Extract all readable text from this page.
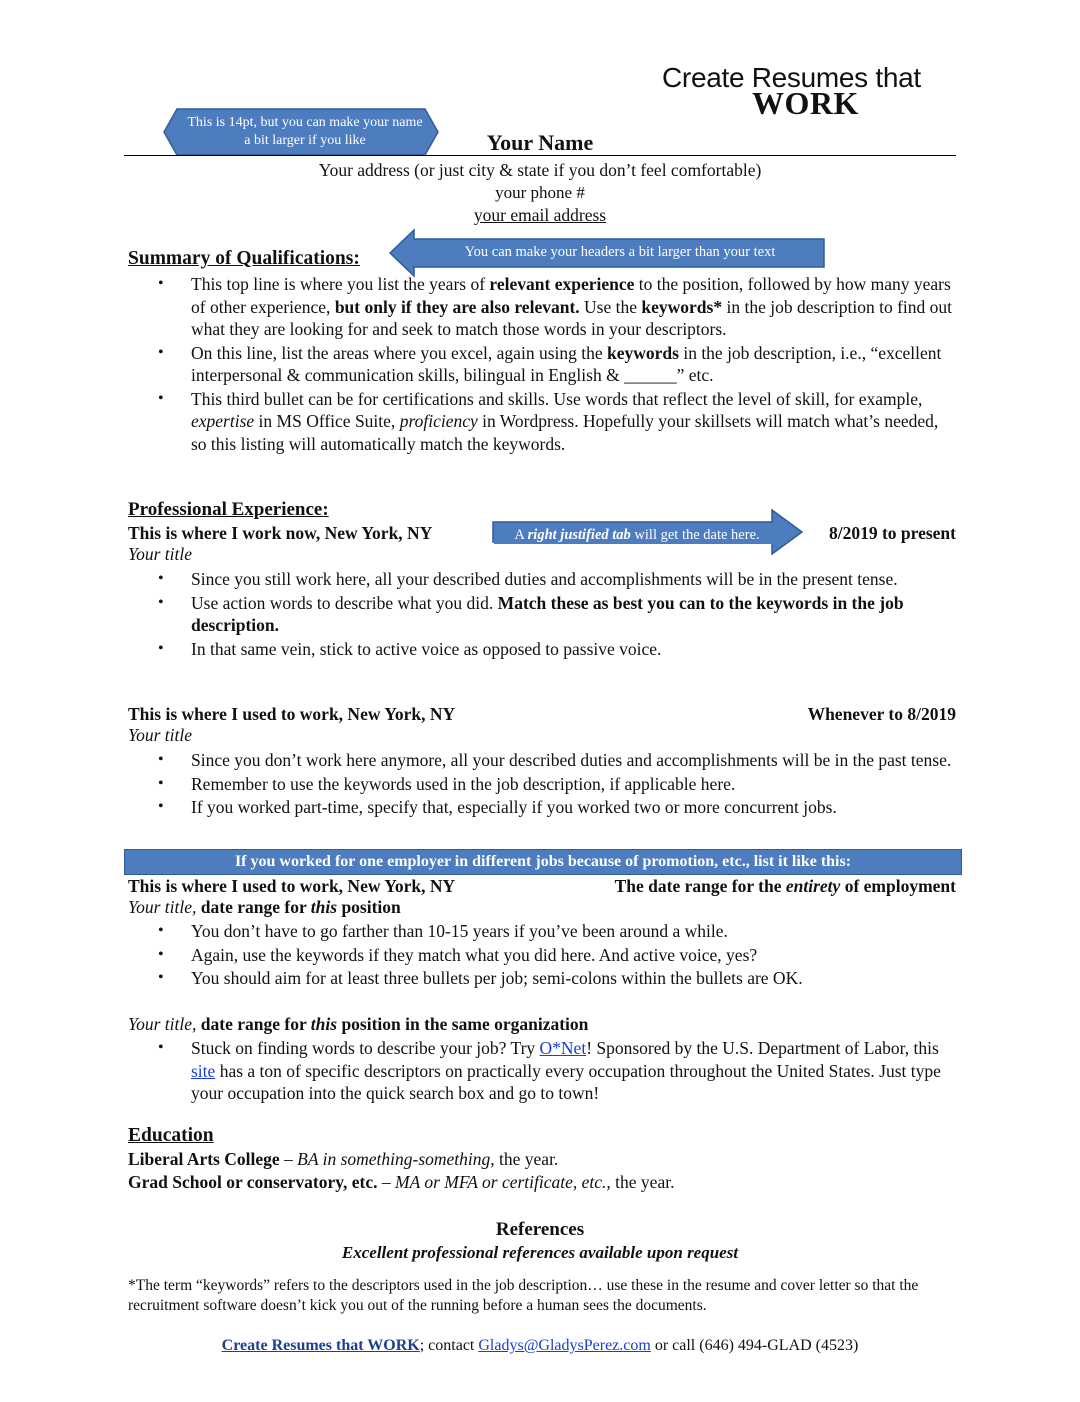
Create Resumes that
WORK
This is 14pt, but you can make your name a bit larger if you like	Your Name
Your address (or just city & state if you don’t feel comfortable)
your phone #
your email address
Summary of Qualifications:	You can make your headers a bit larger than your text
• This top line is where you list the years of relevant experience to the position, followed by how many years of other experience, but only if they are also relevant. Use the keywords* in the job description to find out what they are looking for and seek to match those words in your descriptors.
• On this line, list the areas where you excel, again using the keywords in the job description, i.e., “excellent interpersonal & communication skills, bilingual in English & ______” etc.
• This third bullet can be for certifications and skills. Use words that reflect the level of skill, for example, expertise in MS Office Suite, proficiency in Wordpress. Hopefully your skillsets will match what’s needed, so this listing will automatically match the keywords.
Professional Experience:
This is where I work now, New York, NY	8/2019 to present
A right justified tab will get the date here.
Your title
• Since you still work here, all your described duties and accomplishments will be in the present tense.
• Use action words to describe what you did. Match these as best you can to the keywords in the job description.
• In that same vein, stick to active voice as opposed to passive voice.
This is where I used to work, New York, NY	Whenever to 8/2019
Your title
• Since you don’t work here anymore, all your described duties and accomplishments will be in the past tense.
• Remember to use the keywords used in the job description, if applicable here.
• If you worked part-time, specify that, especially if you worked two or more concurrent jobs.
If you worked for one employer in different jobs because of promotion, etc., list it like this:
This is where I used to work, New York, NY	The date range for the entirety of employment
Your title, date range for this position
• You don’t have to go farther than 10-15 years if you’ve been around a while.
• Again, use the keywords if they match what you did here. And active voice, yes?
• You should aim for at least three bullets per job; semi-colons within the bullets are OK.
Your title, date range for this position in the same organization
• Stuck on finding words to describe your job? Try O*Net! Sponsored by the U.S. Department of Labor, this site has a ton of specific descriptors on practically every occupation throughout the United States. Just type your occupation into the quick search box and go to town!
Education
Liberal Arts College – BA in something-something, the year.
Grad School or conservatory, etc. – MA or MFA or certificate, etc., the year.
References
Excellent professional references available upon request
*The term “keywords” refers to the descriptors used in the job description… use these in the resume and cover letter so that the recruitment software doesn’t kick you out of the running before a human sees the documents.
Create Resumes that WORK; contact Gladys@GladysPerez.com or call (646) 494-GLAD (4523)
